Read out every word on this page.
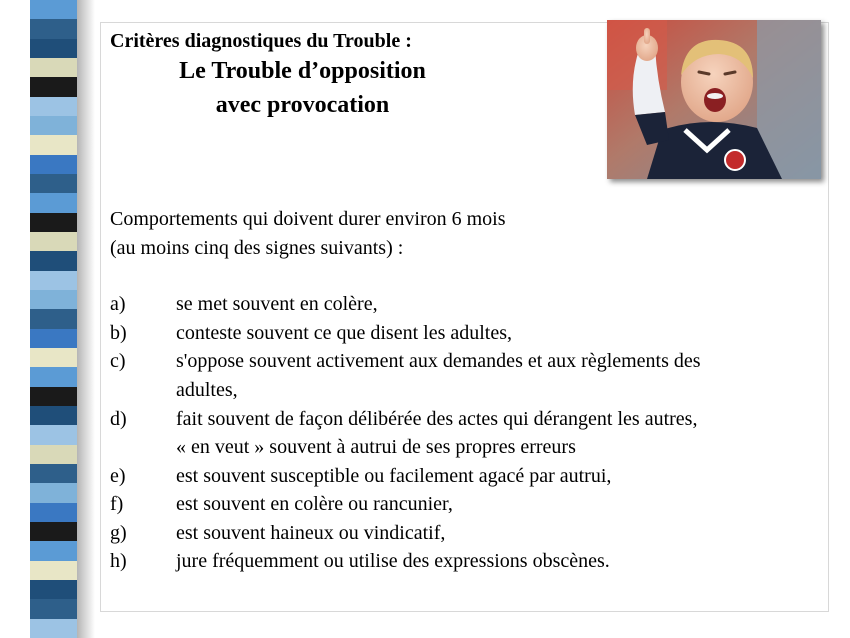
Critères diagnostiques du Trouble :
Le Trouble d’opposition
avec provocation
Comportements qui doivent durer environ 6 mois
(au moins cinq des signes suivants) :
a)	se met souvent en colère,
b) conteste souvent ce que disent les adultes,
c)	s'oppose souvent activement aux demandes et aux règlements des
adultes,
d) fait souvent de façon délibérée des actes qui dérangent les autres,
« en veut » souvent à autrui de ses propres erreurs
e)	est souvent susceptible ou facilement agacé par autrui,
f)	est souvent en colère ou rancunier,
g) est souvent haineux ou vindicatif,
h) jure fréquemment ou utilise des expressions obscènes.
